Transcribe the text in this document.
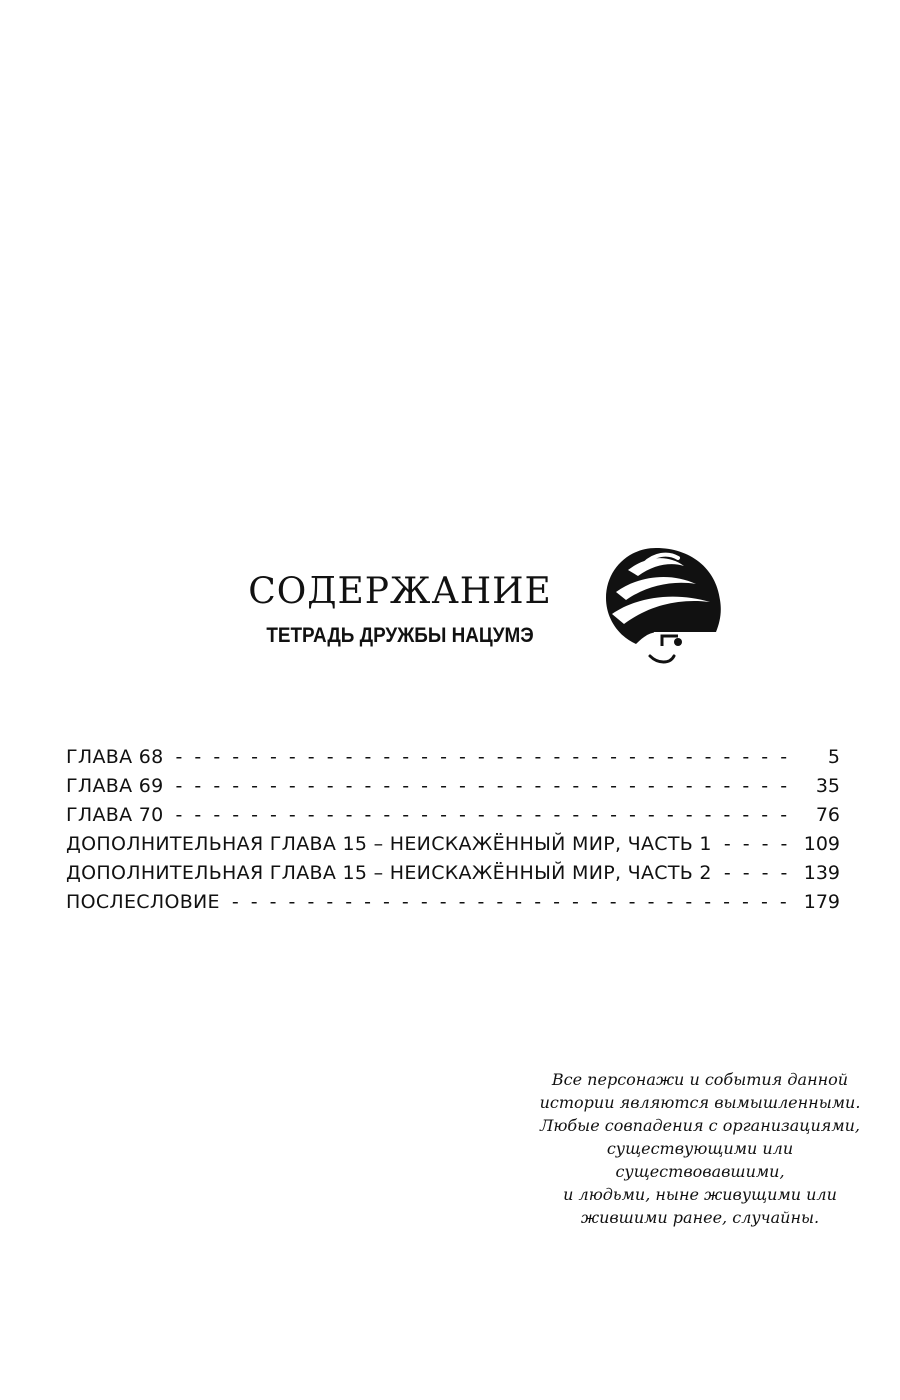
СОДЕРЖАНИЕ
ТЕТРАДЬ ДРУЖБЫ НАЦУМЭ
ГЛАВА 68 - - -	5
ГЛАВА 69 - - -	35
ГЛАВА 70 - - -	76
ДОПОЛНИТЕЛЬНАЯ ГЛАВА 15 – НЕИСКАЖЁННЫЙ МИР, ЧАСТЬ 1 - - -	109
ДОПОЛНИТЕЛЬНАЯ ГЛАВА 15 – НЕИСКАЖЁННЫЙ МИР, ЧАСТЬ 2 - - -	139
ПОСЛЕСЛОВИЕ - - -	179
Все персонажи и события данной
истории являются вымышленными.
Любые совпадения с организациями,
существующими или существовавшими,
и людьми, ныне живущими или
жившими ранее, случайны.
